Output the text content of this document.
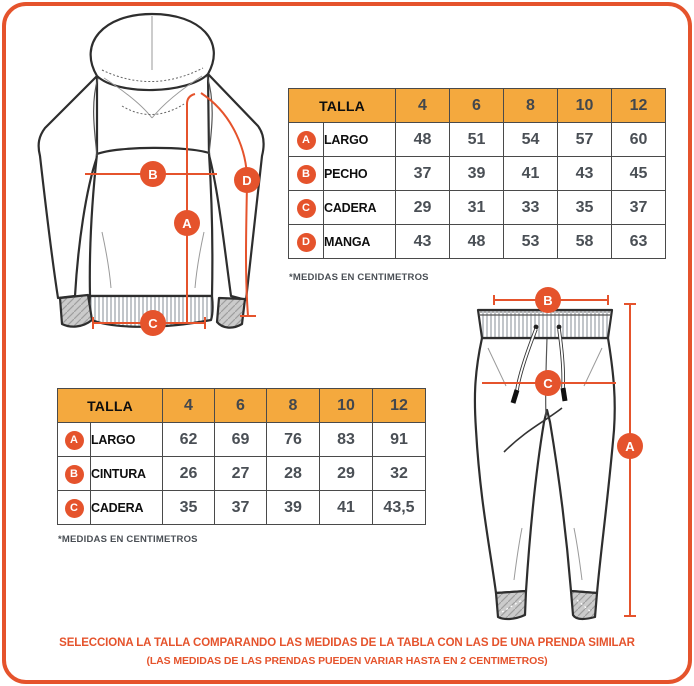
B
A
D
C
TALLA		4	6	8	10	12
A	LARGO	48	51	54	57	60
B	PECHO	37	39	41	43	45
C	CADERA	29	31	33	35	37
D	MANGA	43	48	53	58	63
*MEDIDAS EN CENTIMETROS
TALLA		4	6	8	10	12
A	LARGO	62	69	76	83	91
B	CINTURA	26	27	28	29	32
C	CADERA	35	37	39	41	43,5
*MEDIDAS EN CENTIMETROS
B
C
A
SELECCIONA LA TALLA COMPARANDO LAS MEDIDAS DE LA TABLA CON LAS DE UNA PRENDA SIMILAR
(LAS MEDIDAS DE LAS PRENDAS PUEDEN VARIAR HASTA EN 2 CENTIMETROS)
